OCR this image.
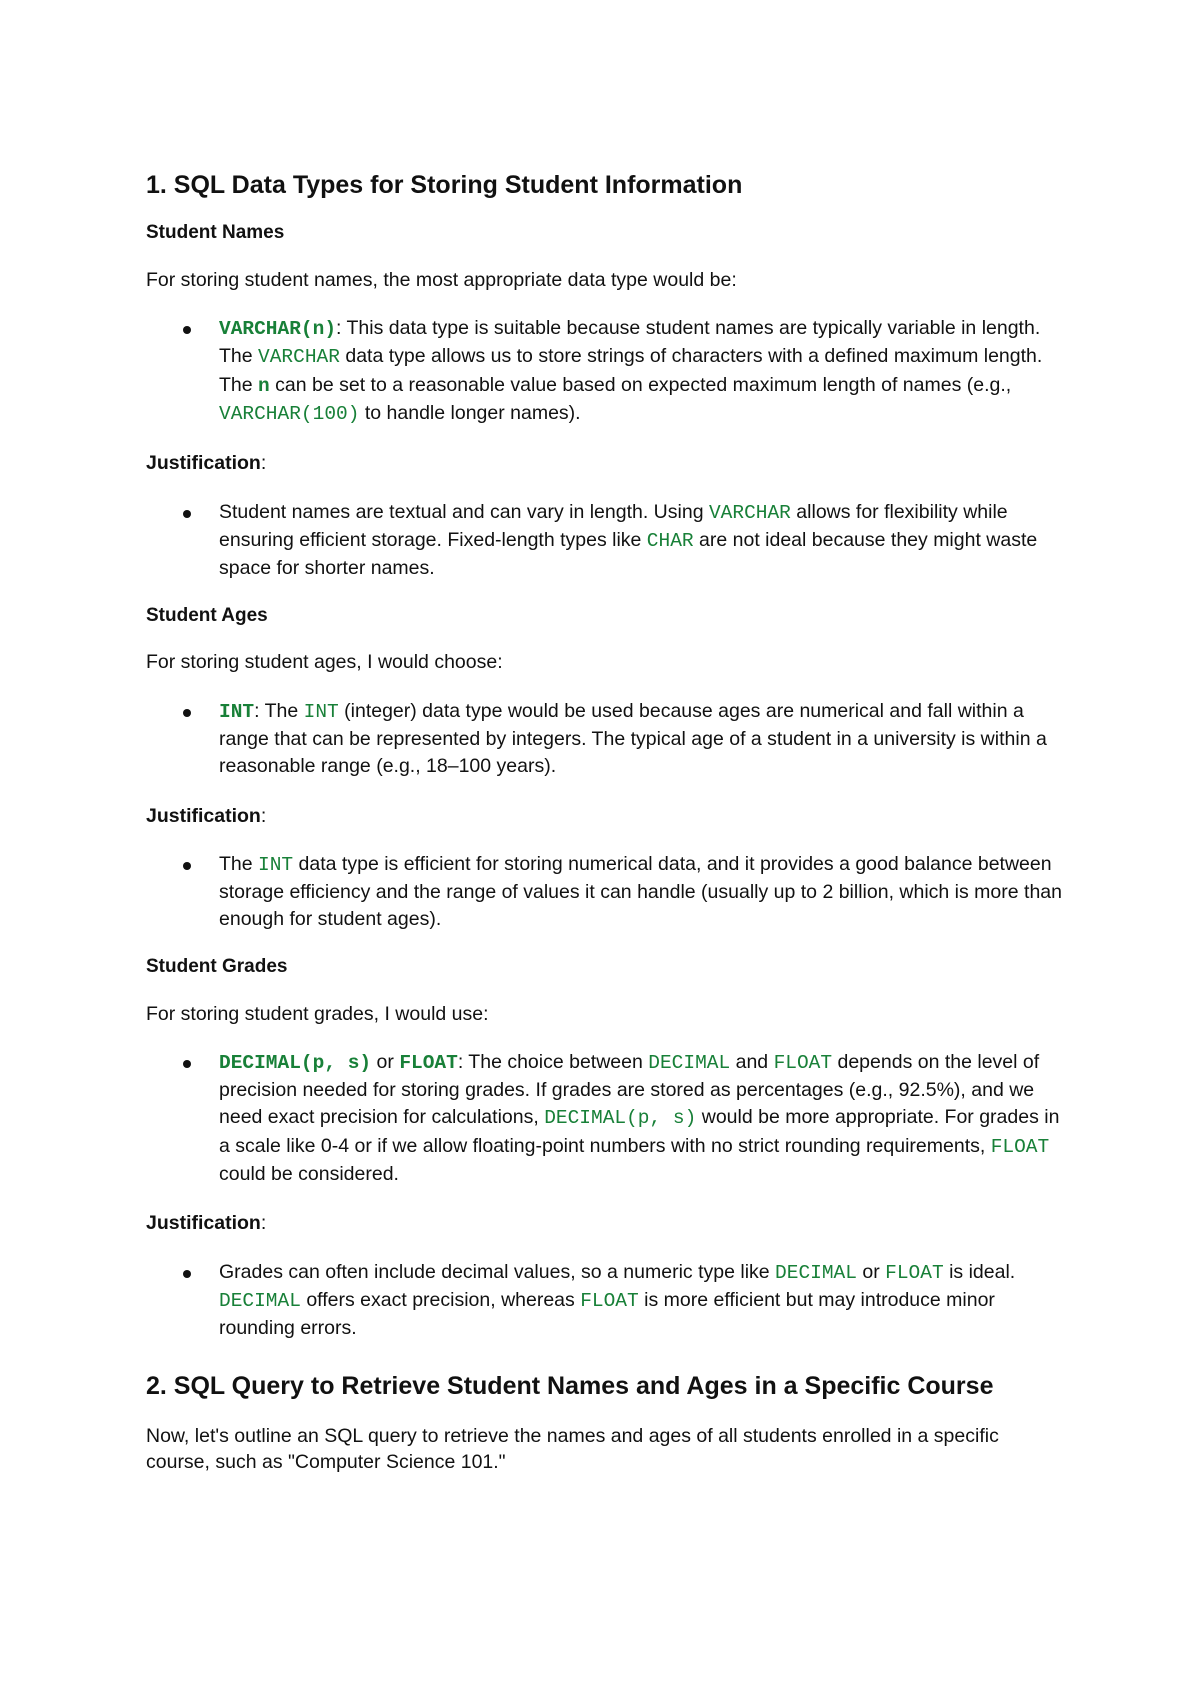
1. SQL Data Types for Storing Student Information
Student Names

For storing student names, the most appropriate data type would be:

VARCHAR(n): This data type is suitable because student names are typically variable in length. The VARCHAR data type allows us to store strings of characters with a defined maximum length. The n can be set to a reasonable value based on expected maximum length of names (e.g., VARCHAR(100) to handle longer names).

Justification:

Student names are textual and can vary in length. Using VARCHAR allows for flexibility while ensuring efficient storage. Fixed-length types like CHAR are not ideal because they might waste space for shorter names.
Student Ages

For storing student ages, I would choose:

INT: The INT (integer) data type would be used because ages are numerical and fall within a range that can be represented by integers. The typical age of a student in a university is within a reasonable range (e.g., 18–100 years).

Justification:

The INT data type is efficient for storing numerical data, and it provides a good balance between storage efficiency and the range of values it can handle (usually up to 2 billion, which is more than enough for student ages).
Student Grades

For storing student grades, I would use:

DECIMAL(p, s) or FLOAT: The choice between DECIMAL and FLOAT depends on the level of precision needed for storing grades. If grades are stored as percentages (e.g., 92.5%), and we need exact precision for calculations, DECIMAL(p, s) would be more appropriate. For grades in a scale like 0-4 or if we allow floating-point numbers with no strict rounding requirements, FLOAT could be considered.

Justification:

Grades can often include decimal values, so a numeric type like DECIMAL or FLOAT is ideal. DECIMAL offers exact precision, whereas FLOAT is more efficient but may introduce minor rounding errors.
2. SQL Query to Retrieve Student Names and Ages in a Specific Course

Now, let's outline an SQL query to retrieve the names and ages of all students enrolled in a specific course, such as "Computer Science 101."
